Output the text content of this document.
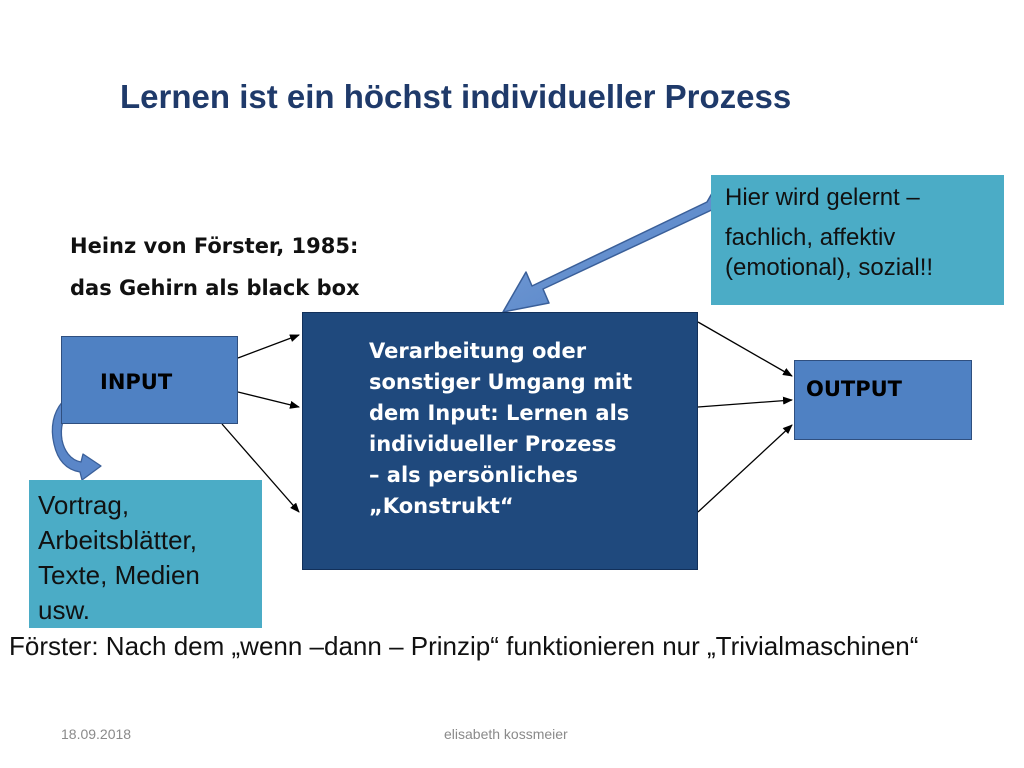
Lernen ist ein höchst individueller Prozess
Heinz von Förster, 1985:
das Gehirn als black box
Hier wird gelernt –
fachlich, affektiv
(emotional), sozial!!
INPUT
Verarbeitung oder
sonstiger Umgang mit
dem Input: Lernen als
individueller Prozess
– als persönliches
„Konstrukt“
OUTPUT
Vortrag,
Arbeitsblätter,
Texte, Medien
usw.
Förster: Nach dem „wenn –dann – Prinzip“ funktionieren nur „Trivialmaschinen“
18.09.2018	elisabeth kossmeier
